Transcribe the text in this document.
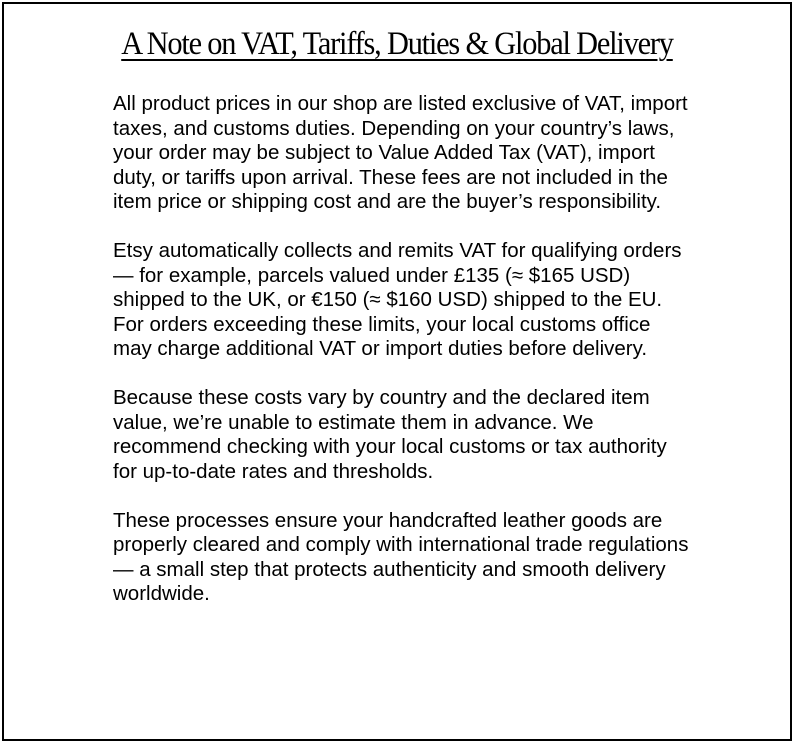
A Note on VAT, Tariffs, Duties & Global Delivery

All product prices in our shop are listed exclusive of VAT, import taxes, and customs duties. Depending on your country’s laws, your order may be subject to Value Added Tax (VAT), import duty, or tariffs upon arrival. These fees are not included in the item price or shipping cost and are the buyer’s responsibility.

Etsy automatically collects and remits VAT for qualifying orders — for example, parcels valued under £135 (≈ $165 USD) shipped to the UK, or €150 (≈ $160 USD) shipped to the EU. For orders exceeding these limits, your local customs office may charge additional VAT or import duties before delivery.

Because these costs vary by country and the declared item value, we’re unable to estimate them in advance. We recommend checking with your local customs or tax authority for up-to-date rates and thresholds.

These processes ensure your handcrafted leather goods are properly cleared and comply with international trade regulations — a small step that protects authenticity and smooth delivery worldwide.
